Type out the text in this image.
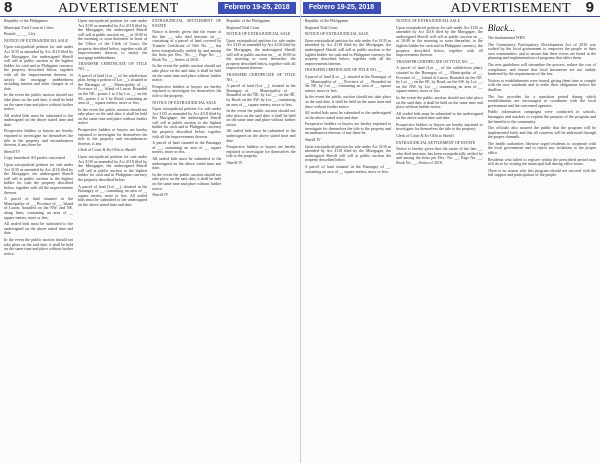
8	ADVERTISEMENT	Febrero 19-25, 2018

Republic of the Philippines

Municipal Trial Court in Cities

Branch __ , __ City

NOTICE OF EXTRAJUDICIAL SALE

Upon extrajudicial petition for sale under Act 3135 as amended by Act 4118 filed by the Mortgagee, the undersigned Sheriff will sell at public auction to the highest bidder for cash and in Philippine currency the property described below, together with all the improvements thereon, to satisfy the mortgage indebtedness including interest and other charges as of date.

In the event the public auction should not take place on the said date, it shall be held on the same time and place without further notice.

All sealed bids must be submitted to the undersigned on the above stated time and date.

Prospective bidders or buyers are hereby enjoined to investigate for themselves the title to the property and encumbrances thereon, if any there be.

Sheriff IV

Copy furnished: All parties concerned

Upon extrajudicial petition for sale under Act 3135 as amended by Act 4118 filed by the Mortgagee, the undersigned Sheriff will sell at public auction to the highest bidder for cash the property described below, together with all the improvements thereon.

A parcel of land situated in the Municipality of __, Province of __, Island of Luzon, bounded on the NW. and NE. along lines, containing an area of __ square meters, more or less.

All sealed bids must be submitted to the undersigned on the above stated time and date.

In the event the public auction should not take place on the said date, it shall be held on the same time and place without further notice.

Upon extrajudicial petition for sale under Act 3135 as amended by Act 4118 filed by the Mortgagee, the undersigned Sheriff will sell at public auction on __ at 10:00 in the morning or soon thereafter in front of the Office of the Clerk of Court, the property described below, together with all improvements thereon, to satisfy the mortgage indebtedness.

TRANSFER CERTIFICATE OF TITLE NO. __

A parcel of land (Lot __ of the subdivision plan, being a portion of Lot __), situated in the Barangay of __, Municipality of __, Province of __, Island of Luzon. Bounded on the NE., points 1 to 2 by Lot __; on the SE., points 2 to 3 by Road; containing an area of __ square meters, more or less.

In the event the public auction should not take place on the said date, it shall be held on the same time and place without further notice.

Prospective bidders or buyers are hereby enjoined to investigate for themselves the title to the property and encumbrances thereon, if any.

Clerk of Court & Ex-Officio Sheriff

Upon extrajudicial petition for sale under Act 3135 as amended by Act 4118 filed by the Mortgagee, the undersigned Sheriff will sell at public auction to the highest bidder for cash and in Philippine currency the property described below.

A parcel of land (Lot __), situated in the Barangay of __, containing an area of __ square meters, more or less. All sealed bids must be submitted to the undersigned on the above stated time and date.

EXTRAJUDICIAL SETTLEMENT OF ESTATE

Notice is hereby given that the estate of the late __, who died intestate on __, consisting of a parcel of land covered by Transfer Certificate of Title No. __, has been extrajudicially settled by and among the heirs per Doc. No. __; Page No. __; Book No. __; Series of 2018.

In the event the public auction should not take place on the said date, it shall be held on the same time and place without further notice.

Prospective bidders or buyers are hereby enjoined to investigate for themselves the title to the property.

NOTICE OF EXTRAJUDICIAL SALE

Upon extrajudicial petition for sale under Act 3135 as amended by Act 4118 filed by the Mortgagee, the undersigned Sheriff will sell at public auction to the highest bidder for cash and in Philippine currency the property described below, together with all the improvements thereon.

A parcel of land situated in the Barangay of __, containing an area of __ square meters, more or less.

All sealed bids must be submitted to the undersigned on the above stated time and date.

In the event the public auction should not take place on the said date, it shall be held on the same time and place without further notice.

Sheriff IV

Republic of the Philippines

Regional Trial Court

NOTICE OF EXTRAJUDICIAL SALE

Upon extrajudicial petition for sale under Act 3135 as amended by Act 4118 filed by the Mortgagee, the undersigned Sheriff will sell at public auction on __ at 10:00 in the morning or soon thereafter, the property described below, together with all improvements thereon.

TRANSFER CERTIFICATE OF TITLE NO. __

A parcel of land (Lot __), situated in the Barangay of __, Municipality of __. Bounded on the NE. by Lot __; on the SE. by Road; on the SW. by Lot __; containing an area of __ square meters, more or less.

In the event the public auction should not take place on the said date, it shall be held on the same time and place without further notice.

All sealed bids must be submitted to the undersigned on the above stated time and date.

Prospective bidders or buyers are hereby enjoined to investigate for themselves the title to the property.

Sheriff IV

Febrero 19-25, 2018	ADVERTISEMENT 9

Republic of the Philippines

Regional Trial Court

NOTICE OF EXTRAJUDICIAL SALE

Upon extrajudicial petition for sale under Act 3135 as amended by Act 4118 filed by the Mortgagee, the undersigned Sheriff will sell at public auction to the highest bidder for cash and in Philippine currency the property described below, together with all the improvements thereon.

TRANSFER CERTIFICATE OF TITLE NO. __

A parcel of land (Lot __), situated in the Barangay of __, Municipality of __, Province of __. Bounded on the NE. by Lot __; containing an area of __ square meters, more or less.

In the event the public auction should not take place on the said date, it shall be held on the same time and place without further notice.

All sealed bids must be submitted to the undersigned on the above stated time and date.

Prospective bidders or buyers are hereby enjoined to investigate for themselves the title to the property and encumbrances thereon, if any there be.

Sheriff IV

Upon extrajudicial petition for sale under Act 3135 as amended by Act 4118 filed by the Mortgagee, the undersigned Sheriff will sell at public auction the property described below.

A parcel of land situated in the Barangay of __, containing an area of __ square meters, more or less.

NOTICE OF EXTRAJUDICIAL SALE

Upon extrajudicial petition for sale under Act 3135 as amended by Act 4118 filed by the Mortgagee, the undersigned Sheriff will sell at public auction on __ at 10:00 in the morning or soon thereafter, to the highest bidder for cash and in Philippine currency, the property described below, together with all improvements thereon.

TRANSFER CERTIFICATE OF TITLE NO. __

A parcel of land (Lot __ of the subdivision plan), situated in the Barangay of __, Municipality of __, Province of __, Island of Luzon. Bounded on the NE. by Lot __; on the SE. by Road; on the SW. by Lot __; on the NW. by Lot __; containing an area of __ square meters, more or less.

In the event the public auction should not take place on the said date, it shall be held on the same time and place without further notice.

All sealed bids must be submitted to the undersigned on the above stated time and date.

Prospective bidders or buyers are hereby enjoined to investigate for themselves the title to the property.

Clerk of Court & Ex-Officio Sheriff

EXTRAJUDICIAL SETTLEMENT OF ESTATE

Notice is hereby given that the estate of the late __, who died intestate, has been extrajudicially settled by and among the heirs per Doc. No. __; Page No. __; Book No. __; Series of 2018.

Black...

The fundamental WHY.

The Community Participatory Development Act of 2016 was crafted by the local government to empower the people in their own communities, and to ensure that their voices are heard in the planning and implementation of programs that affect them.

The new guidelines will streamline the process, reduce the cost of compliance, and ensure that local businesses are not unduly burdened by the requirements of the law.

Notices to establishments were issued, giving them time to comply with the new standards and to settle their obligations before the deadline.

The law provides for a transition period during which establishments are encouraged to coordinate with the local government and the concerned agencies.

Public information campaigns were conducted in schools, barangays and markets to explain the purpose of the program and the benefits to the community.

The officials also assured the public that the program will be implemented fairly and that all concerns will be addressed through the proper channels.

The health authorities likewise urged residents to cooperate with the local government and to report any violations to the proper office.

Residents who failed to register within the prescribed period may still do so by visiting the municipal hall during office hours.

There is no reason why this program should not succeed with the full support and participation of the people.
